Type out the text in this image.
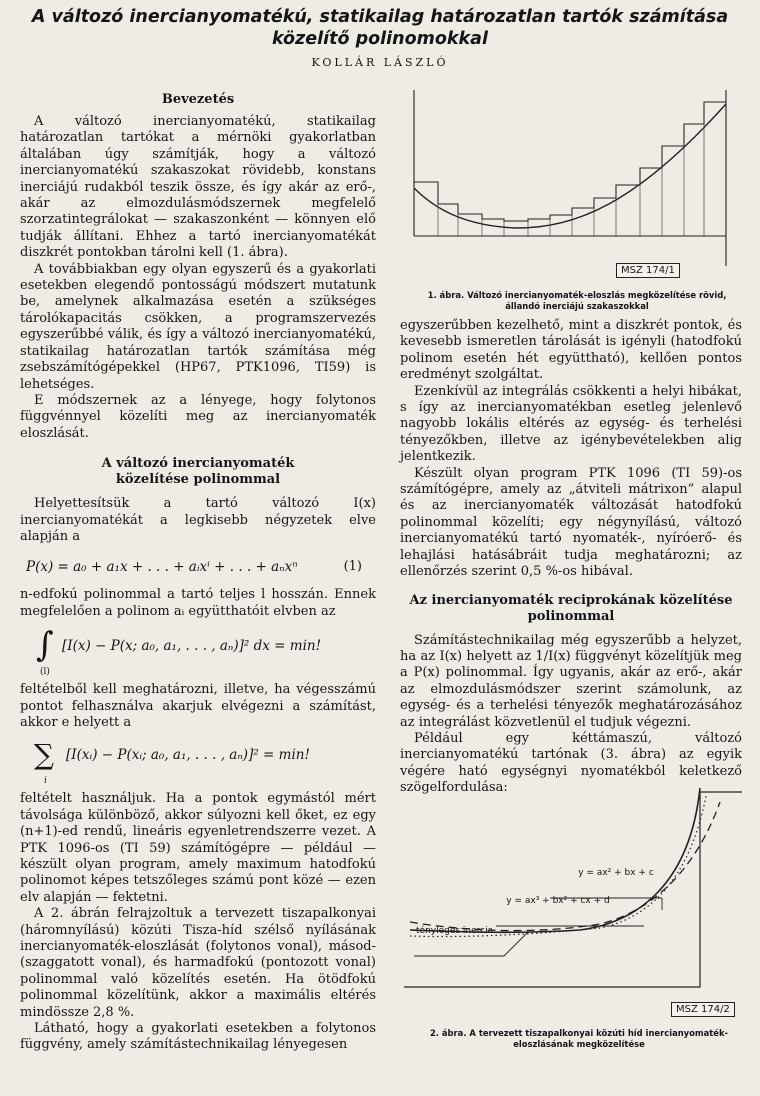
A változó inercianyomatékú, statikailag határozatlan tartók számítása
közelítő polinomokkal
KOLLÁR LÁSZLÓ
Bevezetés

A változó inercianyomatékú, statikailag határozatlan tartókat a mérnöki gyakorlatban általában úgy számítják, hogy a változó inercianyomatékú szakaszokat rövidebb, konstans inerciájú rudakból teszik össze, és így akár az erő-, akár az elmozdulásmódszernek megfelelő szorzatintegrálokat — szakaszonként — könnyen elő tudják állítani. Ehhez a tartó inercianyomatékát diszkrét pontokban tárolni kell (1. ábra).

A továbbiakban egy olyan egyszerű és a gyakorlati esetekben elegendő pontosságú módszert mutatunk be, amelynek alkalmazása esetén a szükséges tárolókapacitás csökken, a programszervezés egyszerűbbé válik, és így a változó inercianyomatékú, statikailag határozatlan tartók számítása még zsebszámítógépekkel (HP67, PTK1096, TI59) is lehetséges.

E módszernek az a lényege, hogy folytonos függvénnyel közelíti meg az inercianyomaték eloszlását.

A változó inercianyomaték közelítése polinommal

Helyettesítsük a tartó változó I(x) inercianyomatékát a legkisebb négyzetek elve alapján a

P(x) = a₀ + a₁x + . . . + aᵢxⁱ + . . . + aₙxⁿ	(1)

n-edfokú polinommal a tartó teljes l hosszán. Ennek megfelelően a polinom aᵢ együtthatóit elvben az

∫
(l)
[I(x) − P(x; a₀, a₁, . . . , aₙ)]² dx = min!

feltételből kell meghatározni, illetve, ha végesszámú pontot felhasználva akarjuk elvégezni a számítást, akkor e helyett a

∑
i
[I(xᵢ) − P(xᵢ; a₀, a₁, . . . , aₙ)]² = min!

feltételt használjuk. Ha a pontok egymástól mért távolsága különböző, akkor súlyozni kell őket, ez egy (n+1)-ed rendű, lineáris egyenletrendszerre vezet. A PTK 1096-os (TI 59) számítógépre — például — készült olyan program, amely maximum hatodfokú polinomot képes tetszőleges számú pont közé — ezen elv alapján — fektetni.

A 2. ábrán felrajzoltuk a tervezett tiszapalkonyai (háromnyílású) közúti Tisza-híd szélső nyílásának inercianyomaték-eloszlását (folytonos vonal), másod- (szaggatott vonal), és harmadfokú (pontozott vonal) polinommal való közelítés esetén. Ha ötödfokú polinommal közelítünk, akkor a maximális eltérés mindössze 2,8 %.

Látható, hogy a gyakorlati esetekben a folytonos függvény, amely számítástechnikailag lényegesen

MSZ 174/1
1. ábra. Változó inercianyomaték-eloszlás megközelítése rövid, állandó inerciájú szakaszokkal

egyszerűbben kezelhető, mint a diszkrét pontok, és kevesebb ismeretlen tárolását is igényli (hatodfokú polinom esetén hét együttható), kellően pontos eredményt szolgáltat.

Ezenkívül az integrálás csökkenti a helyi hibákat, s így az inercianyomatékban esetleg jelenlevő nagyobb lokális eltérés az egység- és terhelési tényezőkben, illetve az igénybevételekben alig jelentkezik.

Készült olyan program PTK 1096 (TI 59)-os számítógépre, amely az „átviteli mátrixon” alapul és az inercianyomaték változását hatodfokú polinommal közelíti; egy négynyílású, változó inercianyomatékú tartó nyomaték-, nyíróerő- és lehajlási hatásábráit tudja meghatározni; az ellenőrzés szerint 0,5 %-os hibával.

Az inercianyomaték reciprokának közelítése polinommal

Számítástechnikailag még egyszerűbb a helyzet, ha az I(x) helyett az 1/I(x) függvényt közelítjük meg a P(x) polinommal. Így ugyanis, akár az erő-, akár az elmozdulásmódszer szerint számolunk, az egység- és a terhelési tényezők meghatározásához az integrálást közvetlenül el tudjuk végezni.

Például egy kéttámaszú, változó inercianyomatékú tartónak (3. ábra) az egyik végére ható egységnyi nyomatékból keletkező szögelfordulása:

y = ax² + bx + c
y = ax³ + bx² + cx + d
tényleges inercia
MSZ 174/2
2. ábra. A tervezett tiszapalkonyai közúti híd inercianyomaték-eloszlásának megközelítése
